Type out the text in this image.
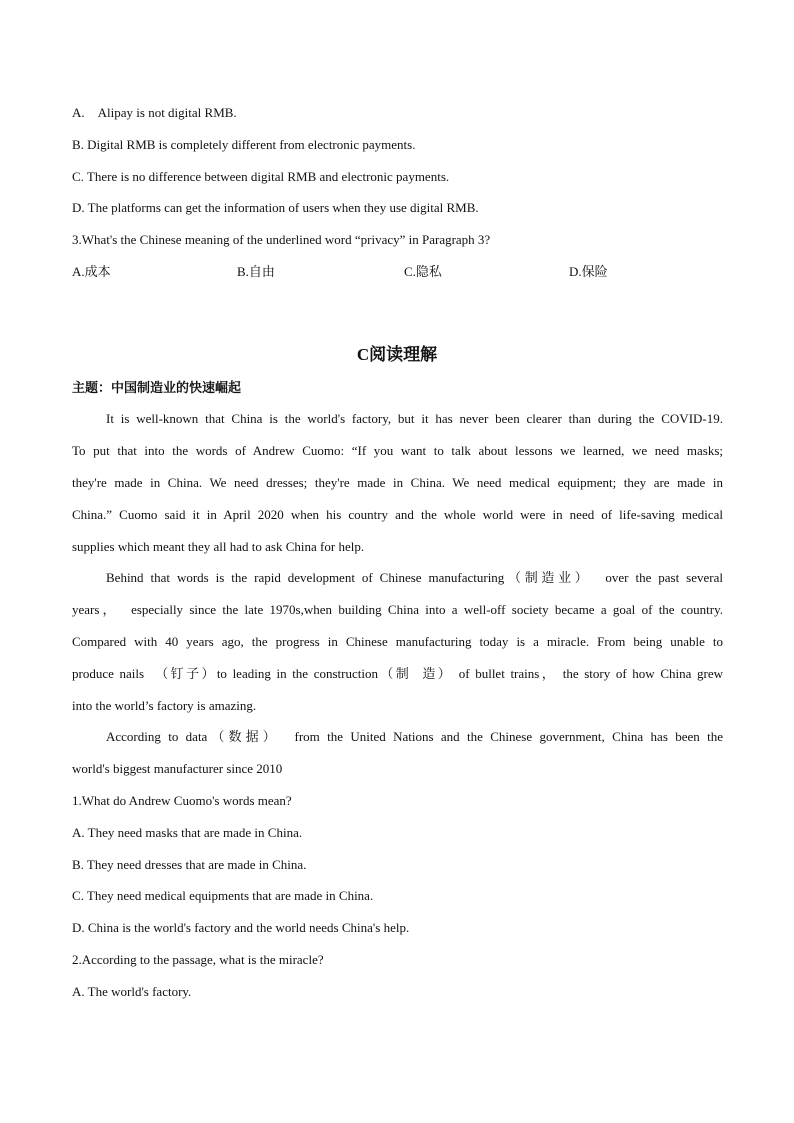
A.    Alipay is not digital RMB.
B. Digital RMB is completely different from electronic payments.
C. There is no difference between digital RMB and electronic payments.
D. The platforms can get the information of users when they use digital RMB.
3.What's the Chinese meaning of the underlined word “privacy” in Paragraph 3?
A.成本	B.自由	C.隐私	D.保险
C阅读理解
主题：中国制造业的快速崛起
It is well-known that China is the world's factory, but it has never been clearer than during the COVID-19.
To put that into the words of Andrew Cuomo: “If you want to talk about lessons we learned, we need masks;
they're made in China. We need dresses; they're made in China. We need medical equipment; they are made in
China.” Cuomo said it in April 2020 when his country and the whole world were in need of life-saving medical
supplies which meant they all had to ask China for help.
Behind that words is the rapid development of Chinese manufacturing（制造业）  over the past several
years，  especially since the late 1970s,when building China into a well-off society became a goal of the country.
Compared with 40 years ago, the progress in Chinese manufacturing today is a miracle. From being unable to
produce nails  （钉子）to leading in the construction（制  造） of bullet trains， the story of how China grew
into the world’s factory is amazing.
According to data（数据）  from the United Nations and the Chinese government, China has been the
world's biggest manufacturer since 2010
1.What do Andrew Cuomo's words mean?
A. They need masks that are made in China.
B. They need dresses that are made in China.
C. They need medical equipments that are made in China.
D. China is the world's factory and the world needs China's help.
2.According to the passage, what is the miracle?
A. The world's factory.
